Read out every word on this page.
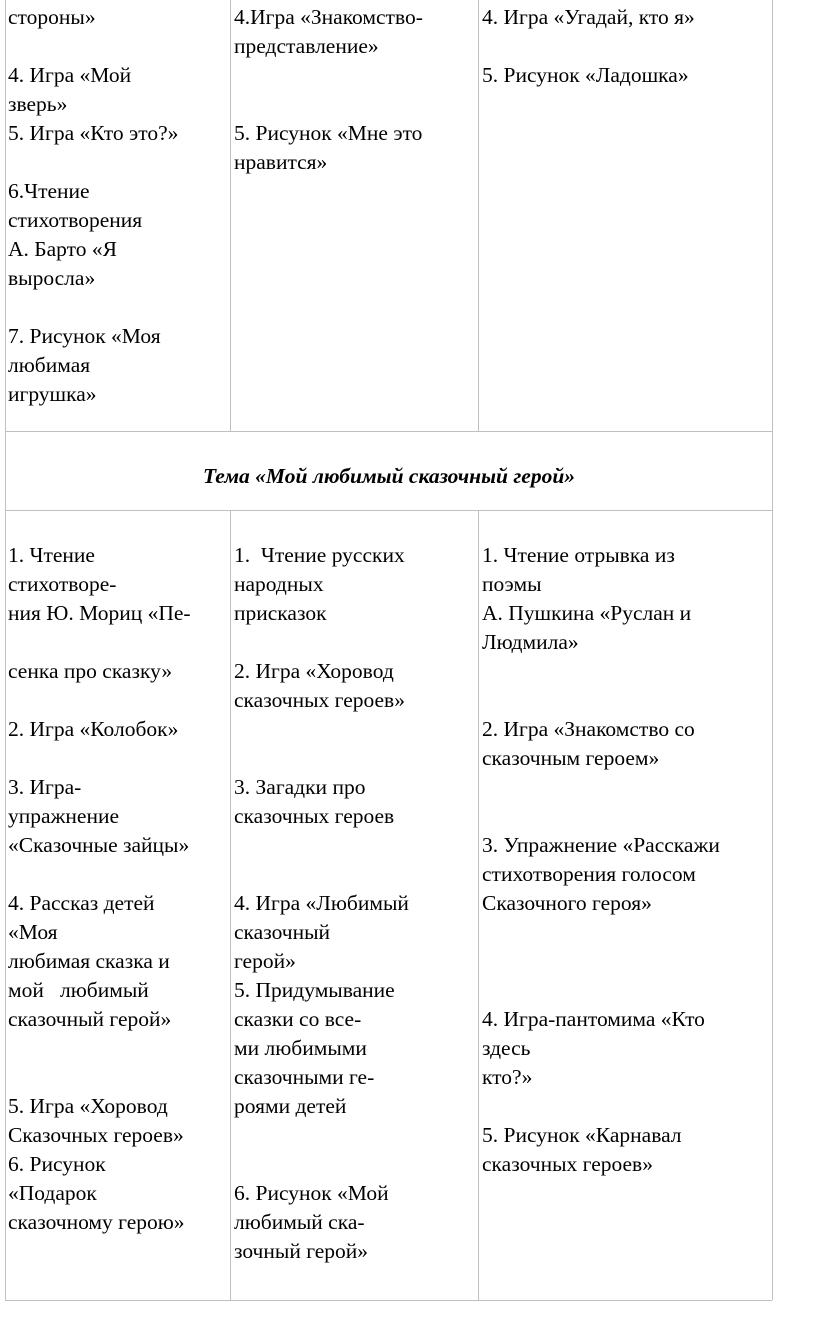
стороны»
4. Игра «Мой
зверь»
5. Игра «Кто это?»
6.Чтение
стихотворения
А. Барто «Я
выросла»
7. Рисунок «Моя
любимая
игрушка»
4.Игра «Знакомство-
представление»
5. Рисунок «Мне это
нравится»
4. Игра «Угадай, кто я»
5. Рисунок «Ладошка»
Тема «Мой любимый сказочный герой»
1. Чтение
стихотворе-
ния Ю. Мориц «Пе-
сенка про сказку»
2. Игра «Колобок»
3. Игра-
упражнение
«Сказочные зайцы»
4. Рассказ детей
«Моя
любимая сказка и
мой   любимый
сказочный герой»
5. Игра «Хоровод
Сказочных героев»
6. Рисунок
«Подарок
сказочному герою»
1.  Чтение русских
народных
присказок
2. Игра «Хоровод
сказочных героев»
3. Загадки про
сказочных героев
4. Игра «Любимый
сказочный
герой»
5. Придумывание
сказки со все-
ми любимыми
сказочными ге-
роями детей
6. Рисунок «Мой
любимый ска-
зочный герой»
1. Чтение отрывка из
поэмы
А. Пушкина «Руслан и
Людмила»
2. Игра «Знакомство со
сказочным героем»
3. Упражнение «Расскажи
стихотворения голосом
Сказочного героя»
4. Игра-пантомима «Кто
здесь
кто?»
5. Рисунок «Карнавал
сказочных героев»
